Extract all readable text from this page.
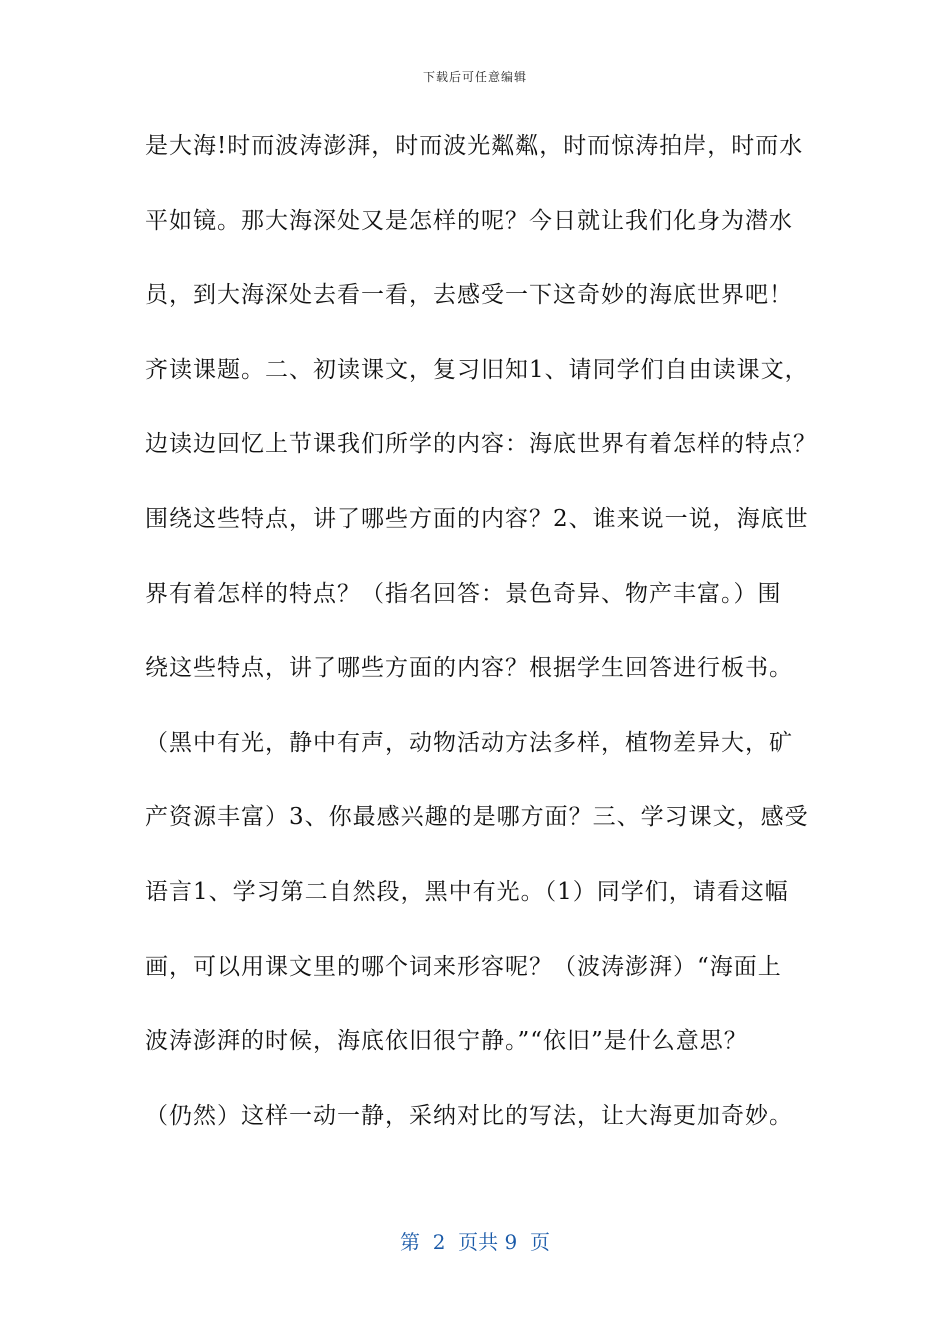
下载后可任意编辑
是大海!时而波涛澎湃，时而波光粼粼，时而惊涛拍岸，时而水
平如镜。那大海深处又是怎样的呢？今日就让我们化身为潜水
员，到大海深处去看一看，去感受一下这奇妙的海底世界吧！
齐读课题。二、初读课文，复习旧知1、请同学们自由读课文，
边读边回忆上节课我们所学的内容：海底世界有着怎样的特点？
围绕这些特点，讲了哪些方面的内容？2、谁来说一说，海底世
界有着怎样的特点？（指名回答：景色奇异、物产丰富。）围
绕这些特点，讲了哪些方面的内容？根据学生回答进行板书。
（黑中有光，静中有声，动物活动方法多样，植物差异大，矿
产资源丰富）3、你最感兴趣的是哪方面？三、学习课文，感受
语言1、学习第二自然段，黑中有光。（1）同学们，请看这幅
画，可以用课文里的哪个词来形容呢？（波涛澎湃）“海面上
波涛澎湃的时候，海底依旧很宁静。”“依旧”是什么意思？
（仍然）这样一动一静，采纳对比的写法，让大海更加奇妙。
第  2  页共 9  页
